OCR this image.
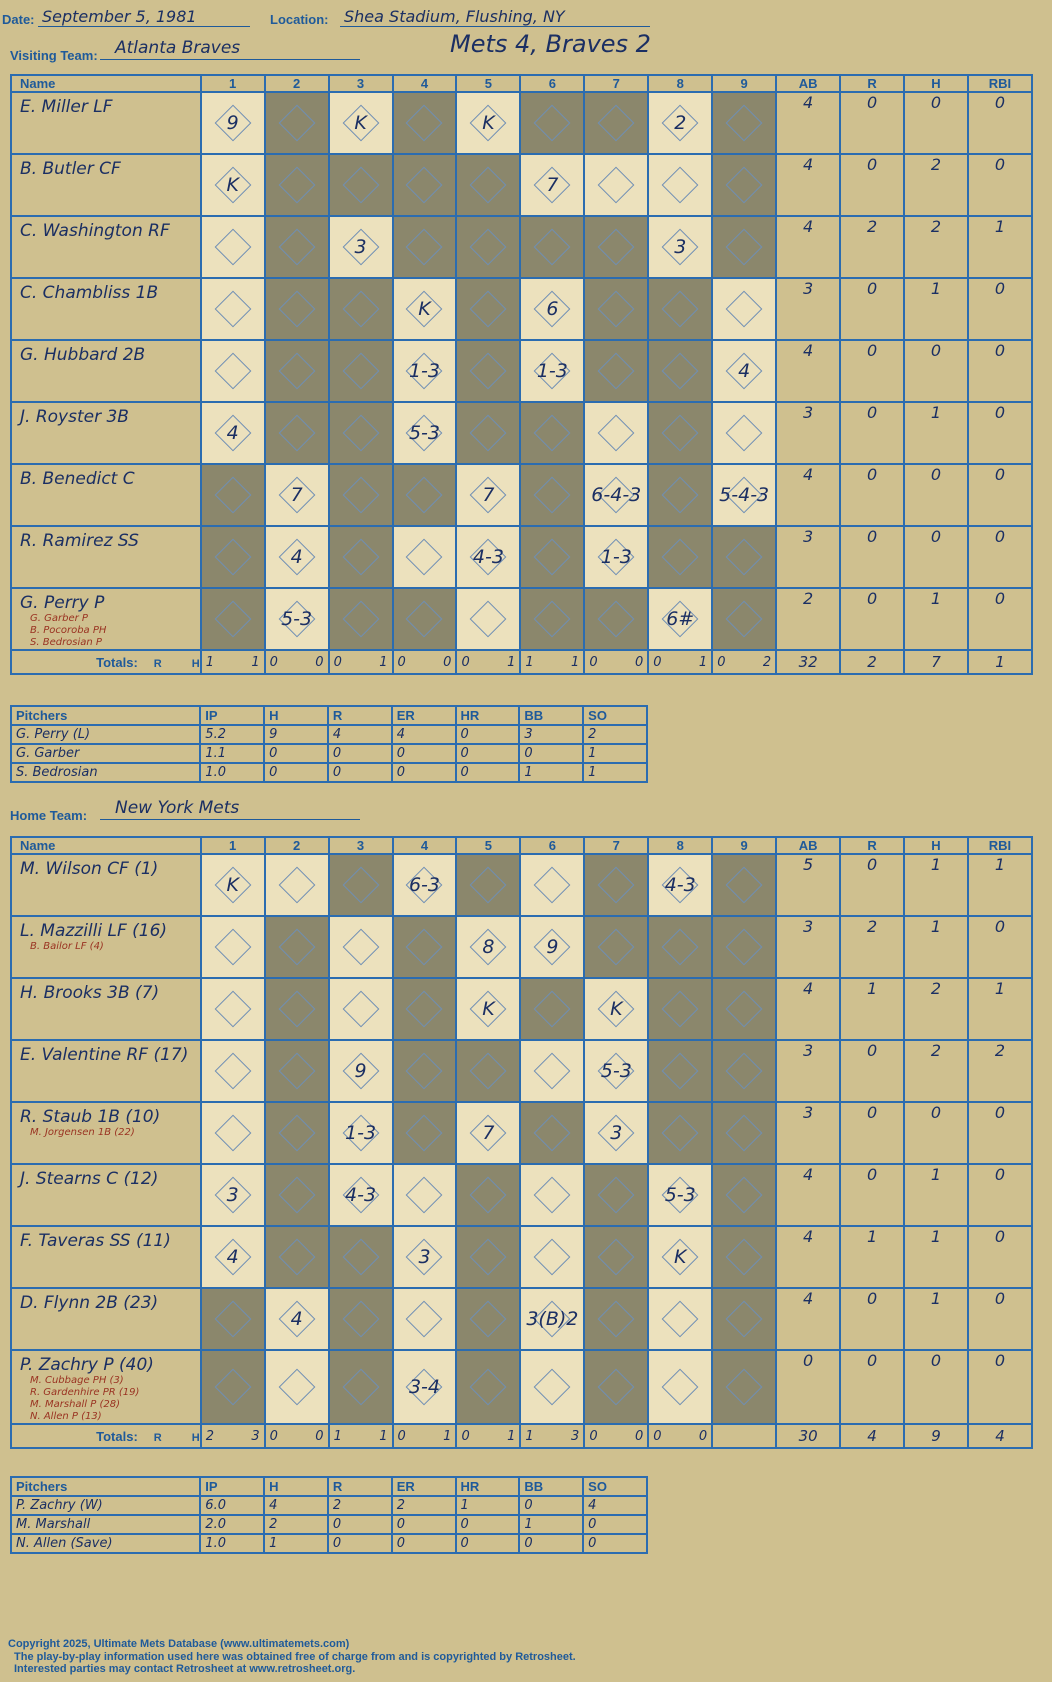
Date: September 5, 1981	Location: Shea Stadium, Flushing, NY
Visiting Team: Atlanta Braves	Mets 4, Braves 2
Name	1	2	3	4	5	6	7	8	9	AB	R	H	RBI

E. Miller LF	9		K		K			2		4	0	0	0

B. Butler CF	K					7				4	0	2	0

C. Washington RF			3					3		4	2	2	1

C. Chambliss 1B				K		6				3	0	1	0

G. Hubbard 2B				1-3		1-3			4	4	0	0	0

J. Royster 3B	4			5-3						3	0	1	0

B. Benedict C		7			7		6-4-3		5-4-3	4	0	0	0

R. Ramirez SS		4			4-3		1-3			3	0	0	0

G. Perry P
G. Garber P
B. Pocoroba PH
S. Bedrosian P		5-3						6#		2	0	1	0
Totals: R H	1 1	0 0	0 1	0 0	0 1	1 1	0 0	0 1	0 2	32	2	7	1
Pitchers	IP	H	R	ER	HR	BB	SO
G. Perry (L)	5.2	9	4	4	0	3	2
G. Garber	1.1	0	0	0	0	0	1
S. Bedrosian	1.0	0	0	0	0	1	1
Home Team: New York Mets
Name	1	2	3	4	5	6	7	8	9	AB	R	H	RBI

M. Wilson CF (1)	K			6-3				4-3		5	0	1	1

L. Mazzilli LF (16)
B. Bailor LF (4)					8	9				3	2	1	0

H. Brooks 3B (7)					K		K			4	1	2	1

E. Valentine RF (17)			9				5-3			3	0	2	2

R. Staub 1B (10)
M. Jorgensen 1B (22)			1-3		7		3			3	0	0	0

J. Stearns C (12)	3		4-3					5-3		4	0	1	0

F. Taveras SS (11)	4			3				K		4	1	1	0

D. Flynn 2B (23)		4				3(B)2				4	0	1	0

P. Zachry P (40)
M. Cubbage PH (3)
R. Gardenhire PR (19)
M. Marshall P (28)
N. Allen P (13)				3-4						0	0	0	0
Totals: R H	2 3	0 0	1 1	0 1	0 1	1 3	0 0	0 0		30	4	9	4
Pitchers	IP	H	R	ER	HR	BB	SO
P. Zachry (W)	6.0	4	2	2	1	0	4
M. Marshall	2.0	2	0	0	0	1	0
N. Allen (Save)	1.0	1	0	0	0	0	0
Copyright 2025, Ultimate Mets Database (www.ultimatemets.com)
The play-by-play information used here was obtained free of charge from and is copyrighted by Retrosheet.
Interested parties may contact Retrosheet at www.retrosheet.org.
